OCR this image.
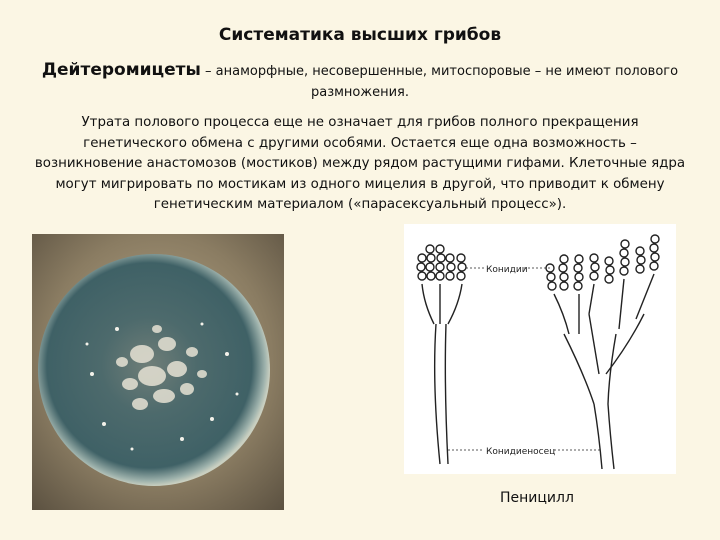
Систематика высших грибов
Дейтеромицеты – анаморфные, несовершенные, митоспоровые – не имеют полового размножения.
Утрата полового процесса еще не означает для грибов полного прекращения генетического обмена с другими особями. Остается еще одна возможность – возникновение анастомозов (мостиков) между рядом растущими гифами. Клеточные ядра могут мигрировать по мостикам из одного мицелия в другой, что приводит к обмену генетическим материалом («парасексуальный процесс»).
Конидии
Конидиеносец
Пеницилл
